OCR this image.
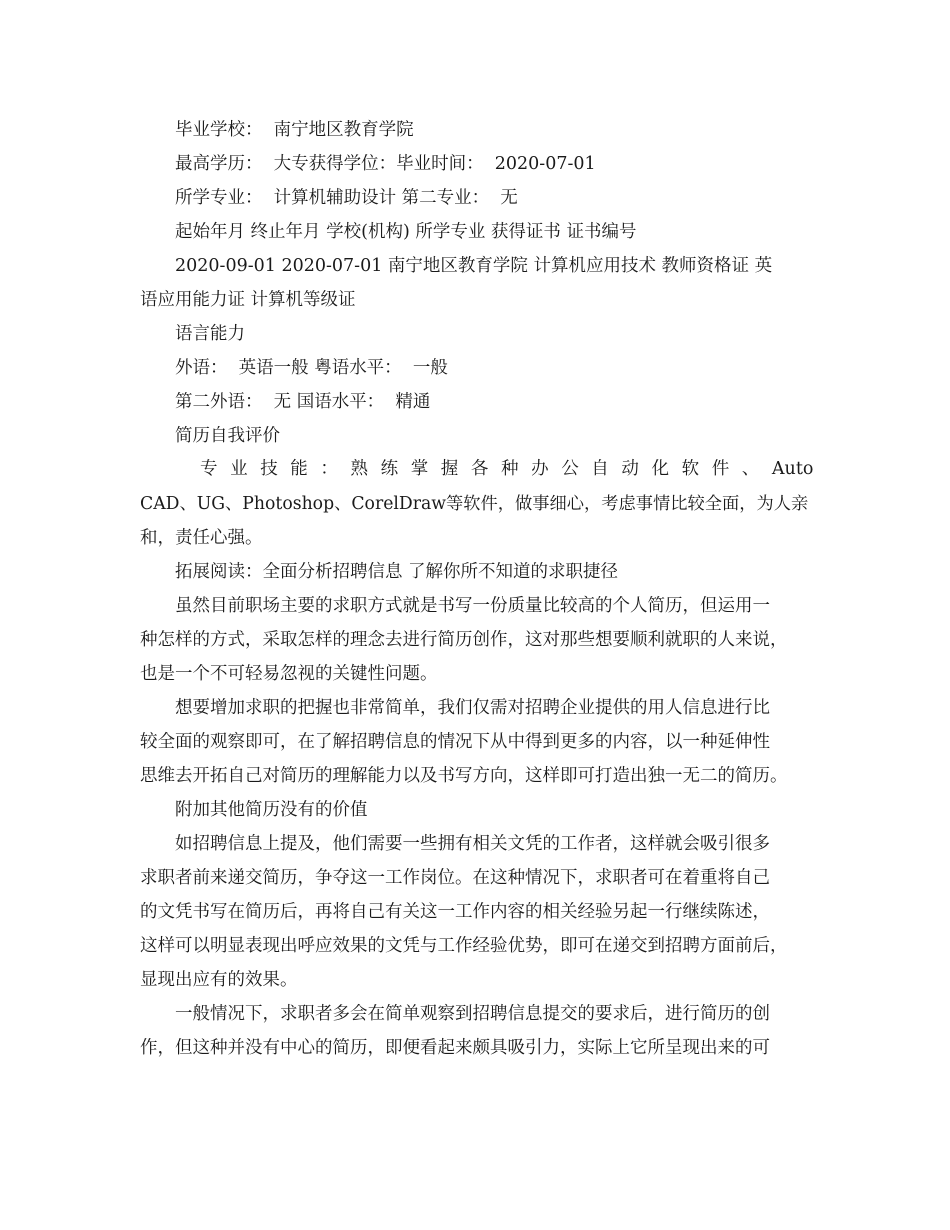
毕业学校：  南宁地区教育学院
最高学历：  大专获得学位：毕业时间：  2020-07-01
所学专业：  计算机辅助设计 第二专业：  无
起始年月 终止年月 学校(机构) 所学专业 获得证书 证书编号
2020-09-01 2020-07-01 南宁地区教育学院 计算机应用技术 教师资格证 英
语应用能力证 计算机等级证
语言能力
外语：  英语一般 粤语水平：  一般
第二外语：  无 国语水平：  精通
简历自我评价
专业技能：熟练掌握各种办公自动化软件、 Auto
CAD、UG、Photoshop、CorelDraw等软件，做事细心，考虑事情比较全面，为人亲
和，责任心强。
拓展阅读：全面分析招聘信息 了解你所不知道的求职捷径
虽然目前职场主要的求职方式就是书写一份质量比较高的个人简历，但运用一
种怎样的方式，采取怎样的理念去进行简历创作，这对那些想要顺利就职的人来说，
也是一个不可轻易忽视的关键性问题。
想要增加求职的把握也非常简单，我们仅需对招聘企业提供的用人信息进行比
较全面的观察即可，在了解招聘信息的情况下从中得到更多的内容，以一种延伸性
思维去开拓自己对简历的理解能力以及书写方向，这样即可打造出独一无二的简历。
附加其他简历没有的价值
如招聘信息上提及，他们需要一些拥有相关文凭的工作者，这样就会吸引很多
求职者前来递交简历，争夺这一工作岗位。在这种情况下，求职者可在着重将自己
的文凭书写在简历后，再将自己有关这一工作内容的相关经验另起一行继续陈述，
这样可以明显表现出呼应效果的文凭与工作经验优势，即可在递交到招聘方面前后，
显现出应有的效果。
一般情况下，求职者多会在简单观察到招聘信息提交的要求后，进行简历的创
作，但这种并没有中心的简历，即便看起来颇具吸引力，实际上它所呈现出来的可
